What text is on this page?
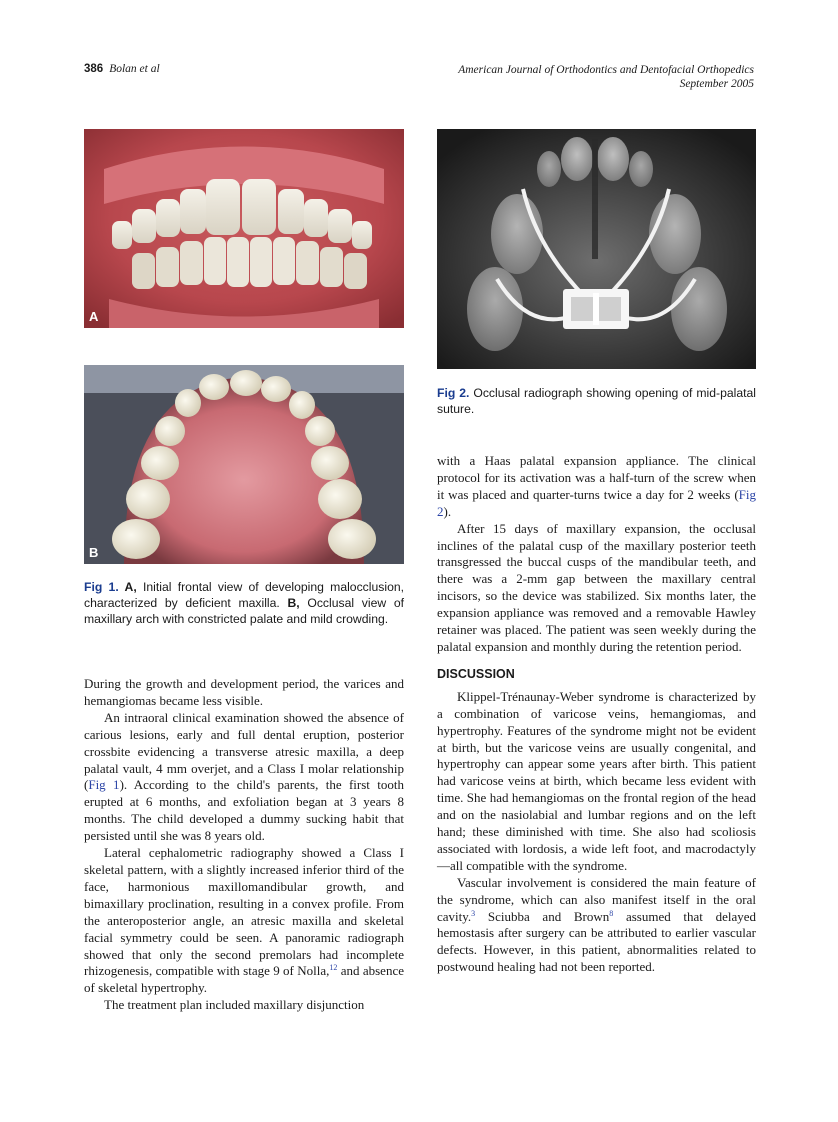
386 Bolan et al	American Journal of Orthodontics and Dentofacial Orthopedics
September 2005
A
B
Fig 1. A, Initial frontal view of developing malocclusion, characterized by deficient maxilla. B, Occlusal view of maxillary arch with constricted palate and mild crowding.
Fig 2. Occlusal radiograph showing opening of mid-palatal suture.

During the growth and development period, the varices and hemangiomas became less visible.

An intraoral clinical examination showed the absence of carious lesions, early and full dental eruption, posterior crossbite evidencing a transverse atresic maxilla, a deep palatal vault, 4 mm overjet, and a Class I molar relationship (Fig 1). According to the child's parents, the first tooth erupted at 6 months, and exfoliation began at 3 years 8 months. The child developed a dummy sucking habit that persisted until she was 8 years old.

Lateral cephalometric radiography showed a Class I skeletal pattern, with a slightly increased inferior third of the face, harmonious maxillomandibular growth, and bimaxillary proclination, resulting in a convex profile. From the anteroposterior angle, an atresic maxilla and skeletal facial symmetry could be seen. A panoramic radiograph showed that only the second premolars had incomplete rhizogenesis, compatible with stage 9 of Nolla,$^{12}$ and absence of skeletal hypertrophy.

The treatment plan included maxillary disjunction

with a Haas palatal expansion appliance. The clinical protocol for its activation was a half-turn of the screw when it was placed and quarter-turns twice a day for 2 weeks (Fig 2).

After 15 days of maxillary expansion, the occlusal inclines of the palatal cusp of the maxillary posterior teeth transgressed the buccal cusps of the mandibular teeth, and there was a 2-mm gap between the maxillary central incisors, so the device was stabilized. Six months later, the expansion appliance was removed and a removable Hawley retainer was placed. The patient was seen weekly during the palatal expansion and monthly during the retention period.

DISCUSSION

Klippel-Trénaunay-Weber syndrome is characterized by a combination of varicose veins, hemangiomas, and hypertrophy. Features of the syndrome might not be evident at birth, but the varicose veins are usually congenital, and hypertrophy can appear some years after birth. This patient had varicose veins at birth, which became less evident with time. She had hemangiomas on the frontal region of the head and on the nasiolabial and lumbar regions and on the left hand; these diminished with time. She also had scoliosis associated with lordosis, a wide left foot, and macrodactyly—all compatible with the syndrome.

Vascular involvement is considered the main feature of the syndrome, which can also manifest itself in the oral cavity.$^3$ Sciubba and Brown$^8$ assumed that delayed hemostasis after surgery can be attributed to earlier vascular defects. However, in this patient, abnormalities related to postwound healing had not been reported.
